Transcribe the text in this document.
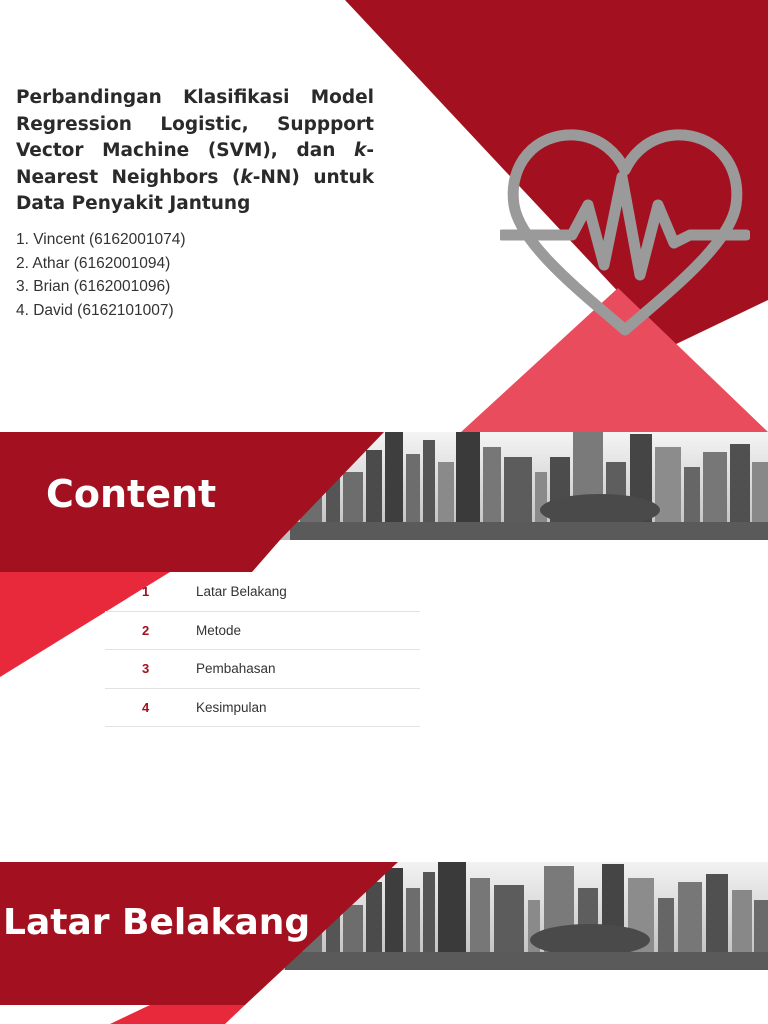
Perbandingan Klasifikasi Model Regression Logistic, Suppport Vector Machine (SVM), dan k-Nearest Neighbors (k-NN) untuk Data Penyakit Jantung
1. Vincent (6162001074)
2. Athar (6162001094)
3. Brian (6162001096)
4. David (6162101007)
Content
1	Latar Belakang
2	Metode
3	Pembahasan
4	Kesimpulan
Latar Belakang
